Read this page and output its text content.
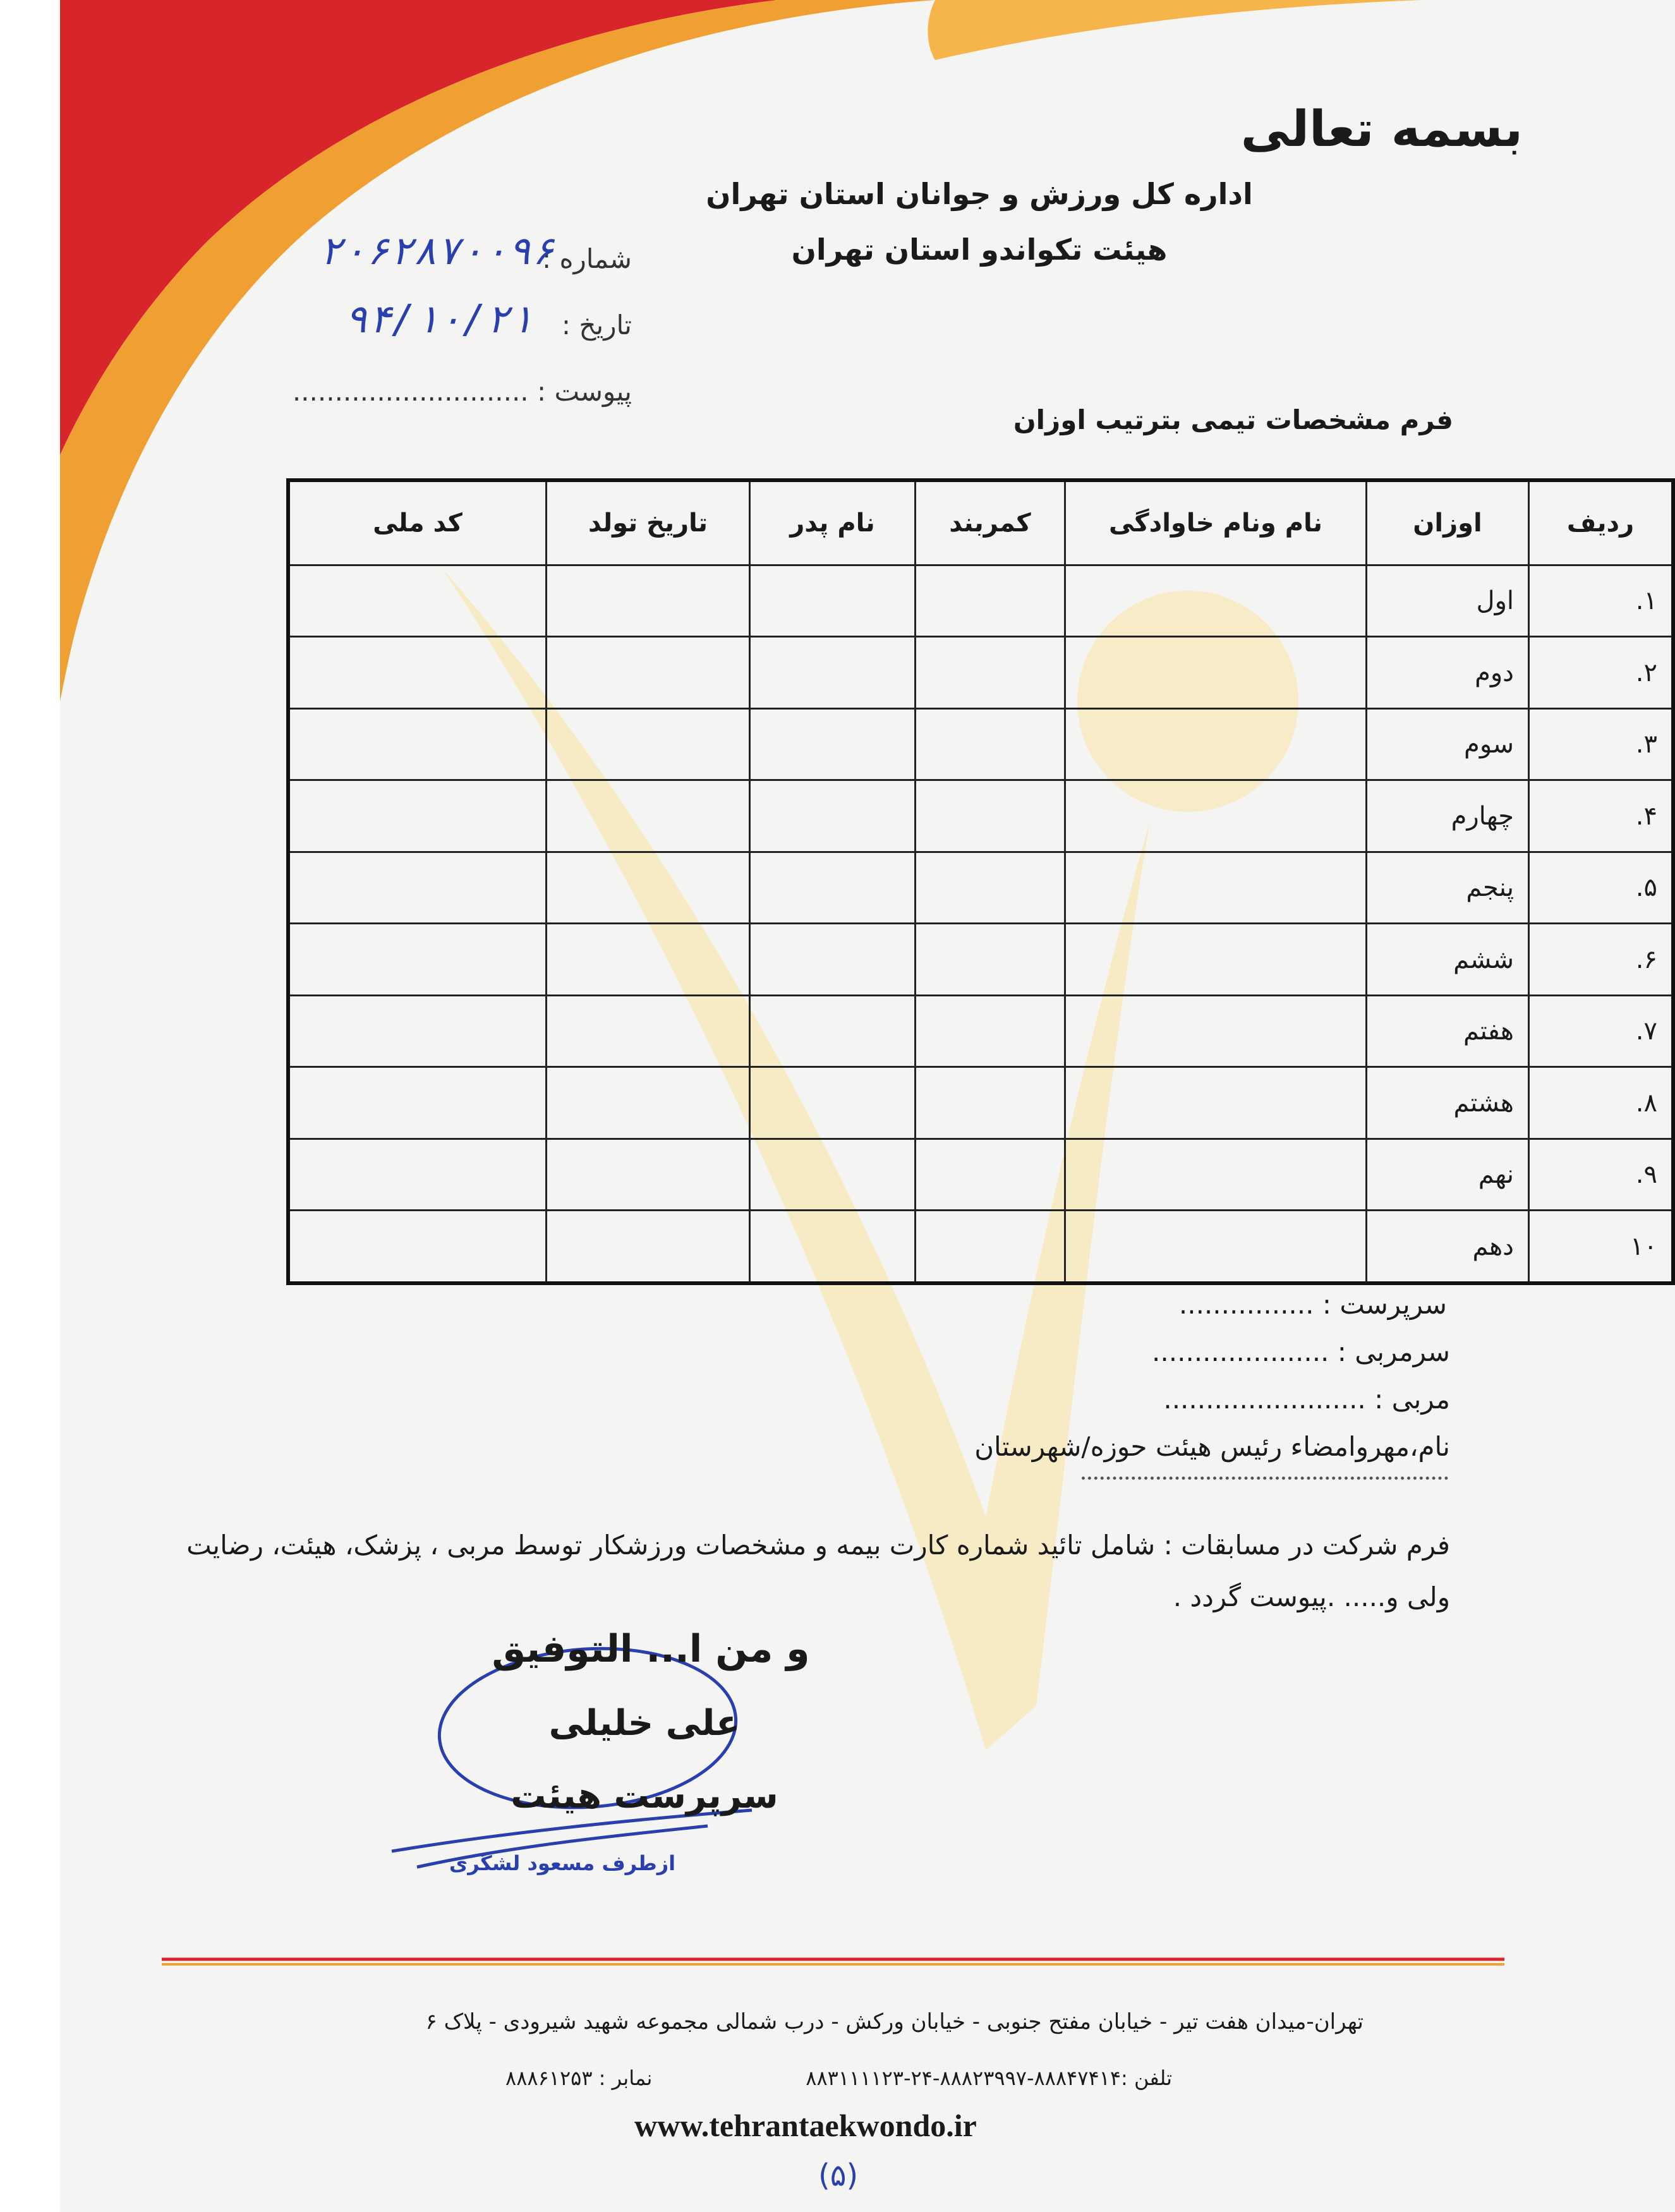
بسمه تعالی
اداره کل ورزش و جوانان استان تهران
هیئت تکواندو استان تهران
شماره :
۲۰۶۲۸۷۰۰۹۶
تاریخ :
۹۴/۱۰/۲۱
پیوست : ............................
فرم مشخصات تیمی بترتیب اوزان
ردیف	اوزان	نام ونام خاوادگی	کمربند	نام پدر	تاریخ تولد	کد ملی
۱.	اول					
۲.	دوم					
۳.	سوم					
۴.	چهارم					
۵.	پنجم					
۶.	ششم					
۷.	هفتم					
۸.	هشتم					
۹.	نهم					
۱۰	دهم					
سرپرست : ................
سرمربی : .....................
مربی : ........................
نام،مهروامضاء رئیس هیئت حوزه/شهرستان
فرم شرکت در مسابقات : شامل تائید شماره کارت بیمه و مشخصات ورزشکار توسط مربی ، پزشک، هیئت، رضایت ولی و..... .پیوست گردد .
و من ا... التوفیق
علی خلیلی
سرپرست هیئت
ازطرف مسعود لشگری
تهران-میدان هفت تیر - خیابان مفتح جنوبی - خیابان ورکش - درب شمالی مجموعه شهید شیرودی - پلاک ۶
تلفن :۸۸۸۴۷۴۱۴-۸۸۸۲۳۹۹۷-۲۴-۸۸۳۱۱۱۱۲۳
نمابر : ۸۸۸۶۱۲۵۳
www.tehrantaekwondo.ir
(۵)
